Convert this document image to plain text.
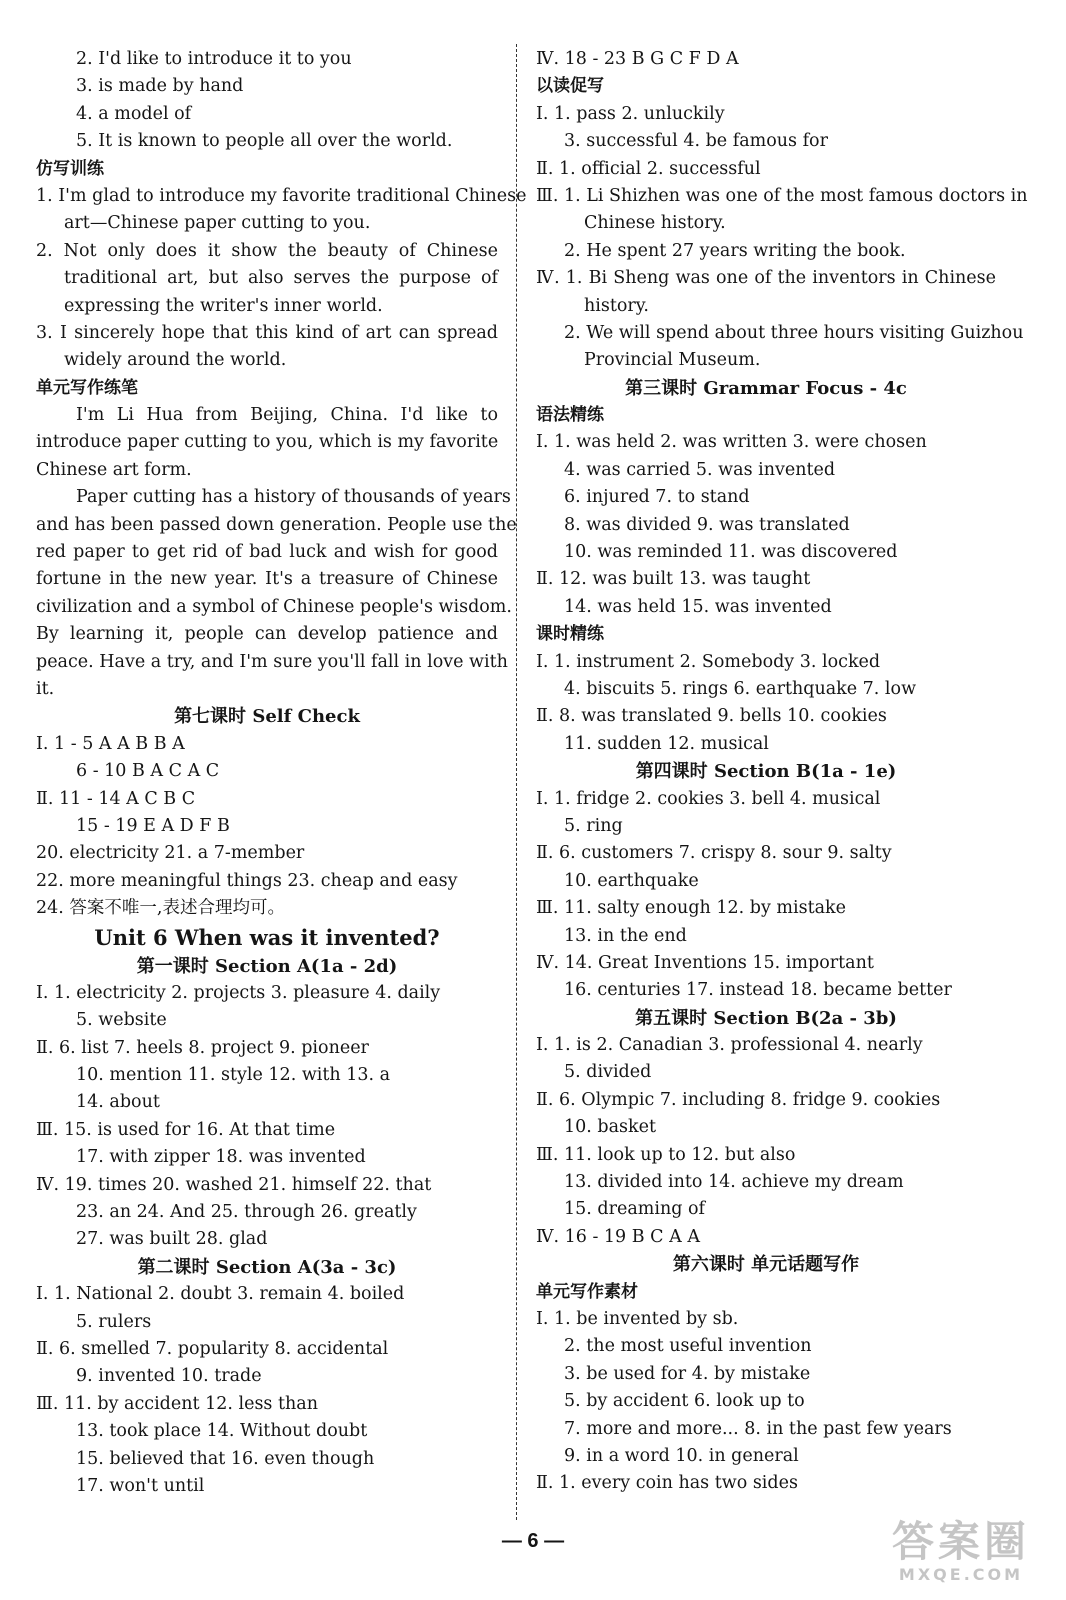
2. I'd like to introduce it to you
3. is made by hand
4. a model of
5. It is known to people all over the world.
仿写训练
1. I'm glad to introduce my favorite traditional Chinese
art—Chinese paper cutting to you.
2. Not only does it show the beauty of Chinese
traditional art, but also serves the purpose of
expressing the writer's inner world.
3. I sincerely hope that this kind of art can spread
widely around the world.
单元写作练笔
I'm Li Hua from Beijing, China. I'd like to
introduce paper cutting to you, which is my favorite
Chinese art form.
Paper cutting has a history of thousands of years
and has been passed down generation. People use the
red paper to get rid of bad luck and wish for good
fortune in the new year. It's a treasure of Chinese
civilization and a symbol of Chinese people's wisdom.
By learning it, people can develop patience and
peace. Have a try, and I'm sure you'll fall in love with
it.
第七课时 Self Check
Ⅰ. 1 - 5 A A B B A
6 - 10 B A C A C
Ⅱ. 11 - 14 A C B C
15 - 19 E A D F B
20. electricity 21. a 7-member
22. more meaningful things 23. cheap and easy
24. 答案不唯一,表述合理均可。
Unit 6 When was it invented?
第一课时 Section A(1a - 2d)
Ⅰ. 1. electricity 2. projects 3. pleasure 4. daily
5. website
Ⅱ. 6. list 7. heels 8. project 9. pioneer
10. mention 11. style 12. with 13. a
14. about
Ⅲ. 15. is used for 16. At that time
17. with zipper 18. was invented
Ⅳ. 19. times 20. washed 21. himself 22. that
23. an 24. And 25. through 26. greatly
27. was built 28. glad
第二课时 Section A(3a - 3c)
Ⅰ. 1. National 2. doubt 3. remain 4. boiled
5. rulers
Ⅱ. 6. smelled 7. popularity 8. accidental
9. invented 10. trade
Ⅲ. 11. by accident 12. less than
13. took place 14. Without doubt
15. believed that 16. even though
17. won't until
Ⅳ. 18 - 23 B G C F D A
以读促写
Ⅰ. 1. pass 2. unluckily
3. successful 4. be famous for
Ⅱ. 1. official 2. successful
Ⅲ. 1. Li Shizhen was one of the most famous doctors in
Chinese history.
2. He spent 27 years writing the book.
Ⅳ. 1. Bi Sheng was one of the inventors in Chinese
history.
2. We will spend about three hours visiting Guizhou
Provincial Museum.
第三课时 Grammar Focus - 4c
语法精练
Ⅰ. 1. was held 2. was written 3. were chosen
4. was carried 5. was invented
6. injured 7. to stand
8. was divided 9. was translated
10. was reminded 11. was discovered
Ⅱ. 12. was built 13. was taught
14. was held 15. was invented
课时精练
Ⅰ. 1. instrument 2. Somebody 3. locked
4. biscuits 5. rings 6. earthquake 7. low
Ⅱ. 8. was translated 9. bells 10. cookies
11. sudden 12. musical
第四课时 Section B(1a - 1e)
Ⅰ. 1. fridge 2. cookies 3. bell 4. musical
5. ring
Ⅱ. 6. customers 7. crispy 8. sour 9. salty
10. earthquake
Ⅲ. 11. salty enough 12. by mistake
13. in the end
Ⅳ. 14. Great Inventions 15. important
16. centuries 17. instead 18. became better
第五课时 Section B(2a - 3b)
Ⅰ. 1. is 2. Canadian 3. professional 4. nearly
5. divided
Ⅱ. 6. Olympic 7. including 8. fridge 9. cookies
10. basket
Ⅲ. 11. look up to 12. but also
13. divided into 14. achieve my dream
15. dreaming of
Ⅳ. 16 - 19 B C A A
第六课时 单元话题写作
单元写作素材
Ⅰ. 1. be invented by sb.
2. the most useful invention
3. be used for 4. by mistake
5. by accident 6. look up to
7. more and more... 8. in the past few years
9. in a word 10. in general
Ⅱ. 1. every coin has two sides
— 6 —	答案圈
MXQE.COM
